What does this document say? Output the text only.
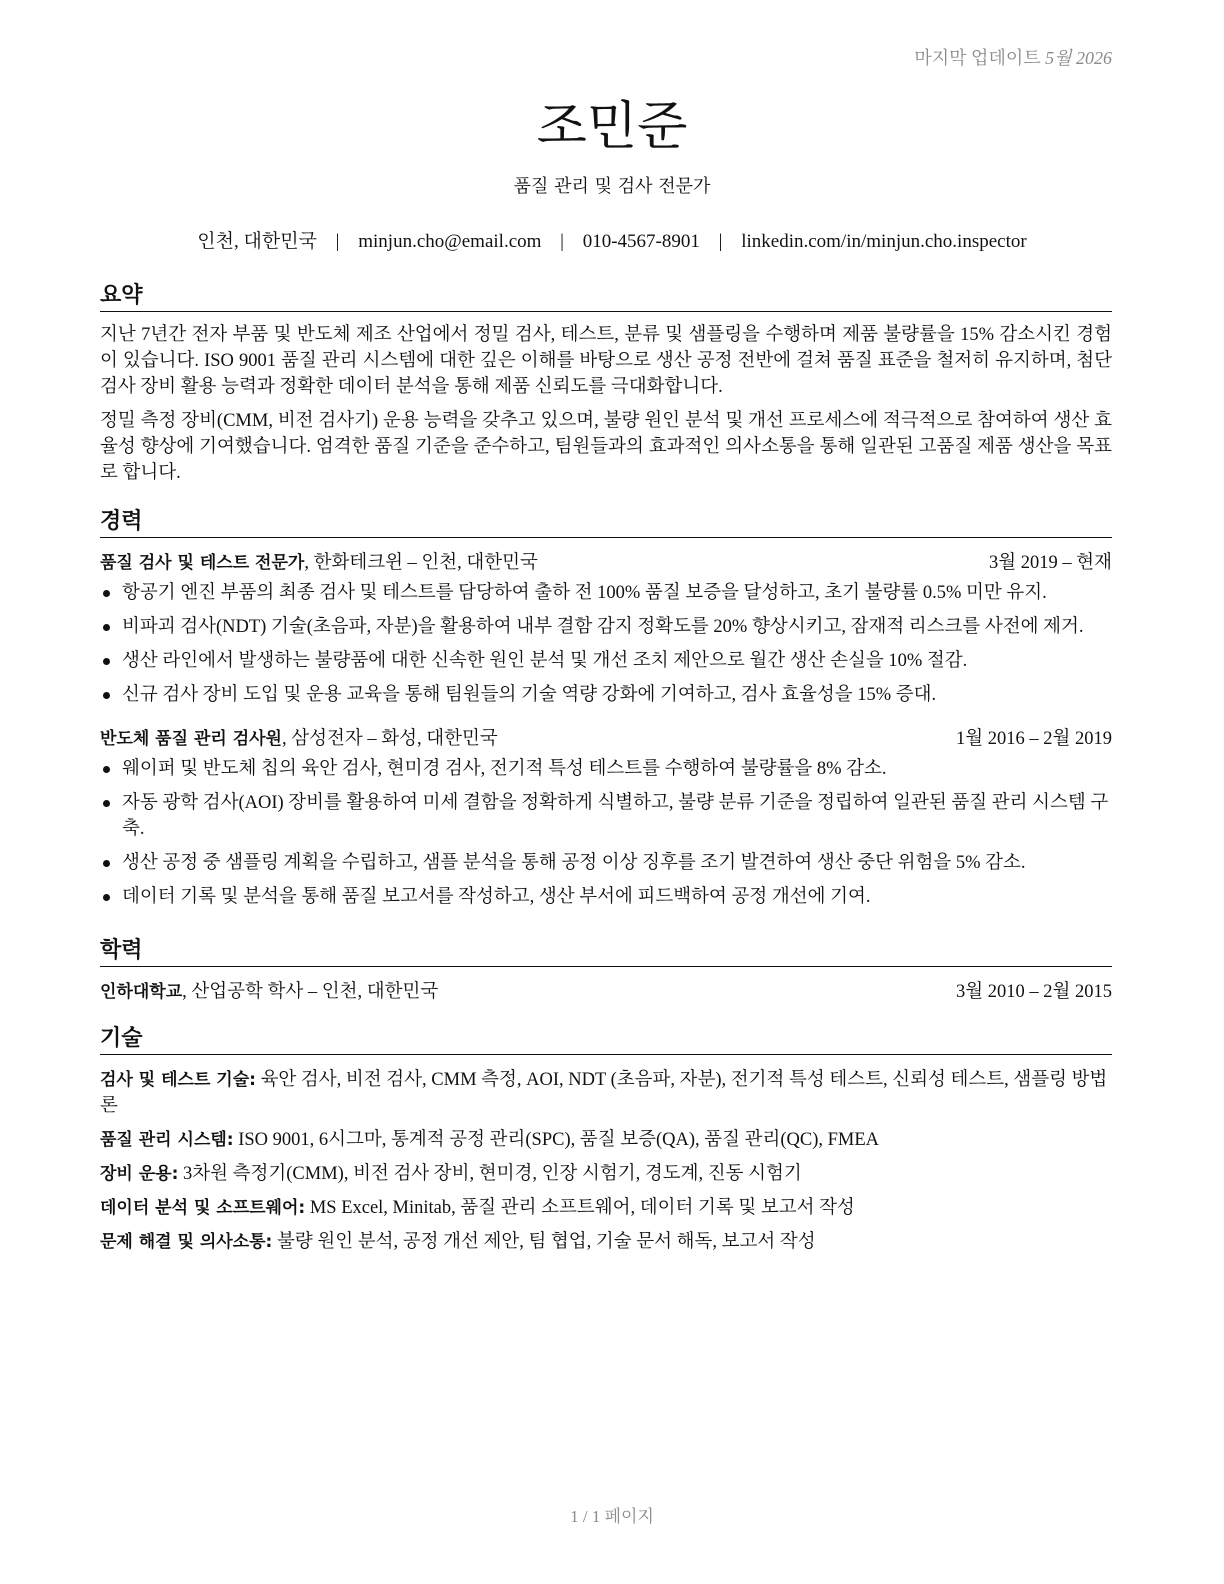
마지막 업데이트 5월 2026
조민준
품질 관리 및 검사 전문가
인천, 대한민국 | minjun.cho@email.com | 010-4567-8901 | linkedin.com/in/minjun.cho.inspector
요약

지난 7년간 전자 부품 및 반도체 제조 산업에서 정밀 검사, 테스트, 분류 및 샘플링을 수행하며 제품 불량률을 15% 감소시킨 경험이 있습니다. ISO 9001 품질 관리 시스템에 대한 깊은 이해를 바탕으로 생산 공정 전반에 걸쳐 품질 표준을 철저히 유지하며, 첨단 검사 장비 활용 능력과 정확한 데이터 분석을 통해 제품 신뢰도를 극대화합니다.

정밀 측정 장비(CMM, 비전 검사기) 운용 능력을 갖추고 있으며, 불량 원인 분석 및 개선 프로세스에 적극적으로 참여하여 생산 효율성 향상에 기여했습니다. 엄격한 품질 기준을 준수하고, 팀원들과의 효과적인 의사소통을 통해 일관된 고품질 제품 생산을 목표로 합니다.

경력
품질 검사 및 테스트 전문가, 한화테크윈 – 인천, 대한민국	3월 2019 – 현재
항공기 엔진 부품의 최종 검사 및 테스트를 담당하여 출하 전 100% 품질 보증을 달성하고, 초기 불량률 0.5% 미만 유지.
비파괴 검사(NDT) 기술(초음파, 자분)을 활용하여 내부 결함 감지 정확도를 20% 향상시키고, 잠재적 리스크를 사전에 제거.
생산 라인에서 발생하는 불량품에 대한 신속한 원인 분석 및 개선 조치 제안으로 월간 생산 손실을 10% 절감.
신규 검사 장비 도입 및 운용 교육을 통해 팀원들의 기술 역량 강화에 기여하고, 검사 효율성을 15% 증대.
반도체 품질 관리 검사원, 삼성전자 – 화성, 대한민국	1월 2016 – 2월 2019
웨이퍼 및 반도체 칩의 육안 검사, 현미경 검사, 전기적 특성 테스트를 수행하여 불량률을 8% 감소.
자동 광학 검사(AOI) 장비를 활용하여 미세 결함을 정확하게 식별하고, 불량 분류 기준을 정립하여 일관된 품질 관리 시스템 구축.
생산 공정 중 샘플링 계획을 수립하고, 샘플 분석을 통해 공정 이상 징후를 조기 발견하여 생산 중단 위험을 5% 감소.
데이터 기록 및 분석을 통해 품질 보고서를 작성하고, 생산 부서에 피드백하여 공정 개선에 기여.
학력
인하대학교, 산업공학 학사 – 인천, 대한민국	3월 2010 – 2월 2015
기술
검사 및 테스트 기술: 육안 검사, 비전 검사, CMM 측정, AOI, NDT (초음파, 자분), 전기적 특성 테스트, 신뢰성 테스트, 샘플링 방법론
품질 관리 시스템: ISO 9001, 6시그마, 통계적 공정 관리(SPC), 품질 보증(QA), 품질 관리(QC), FMEA
장비 운용: 3차원 측정기(CMM), 비전 검사 장비, 현미경, 인장 시험기, 경도계, 진동 시험기
데이터 분석 및 소프트웨어: MS Excel, Minitab, 품질 관리 소프트웨어, 데이터 기록 및 보고서 작성
문제 해결 및 의사소통: 불량 원인 분석, 공정 개선 제안, 팀 협업, 기술 문서 해독, 보고서 작성
1 / 1 페이지
